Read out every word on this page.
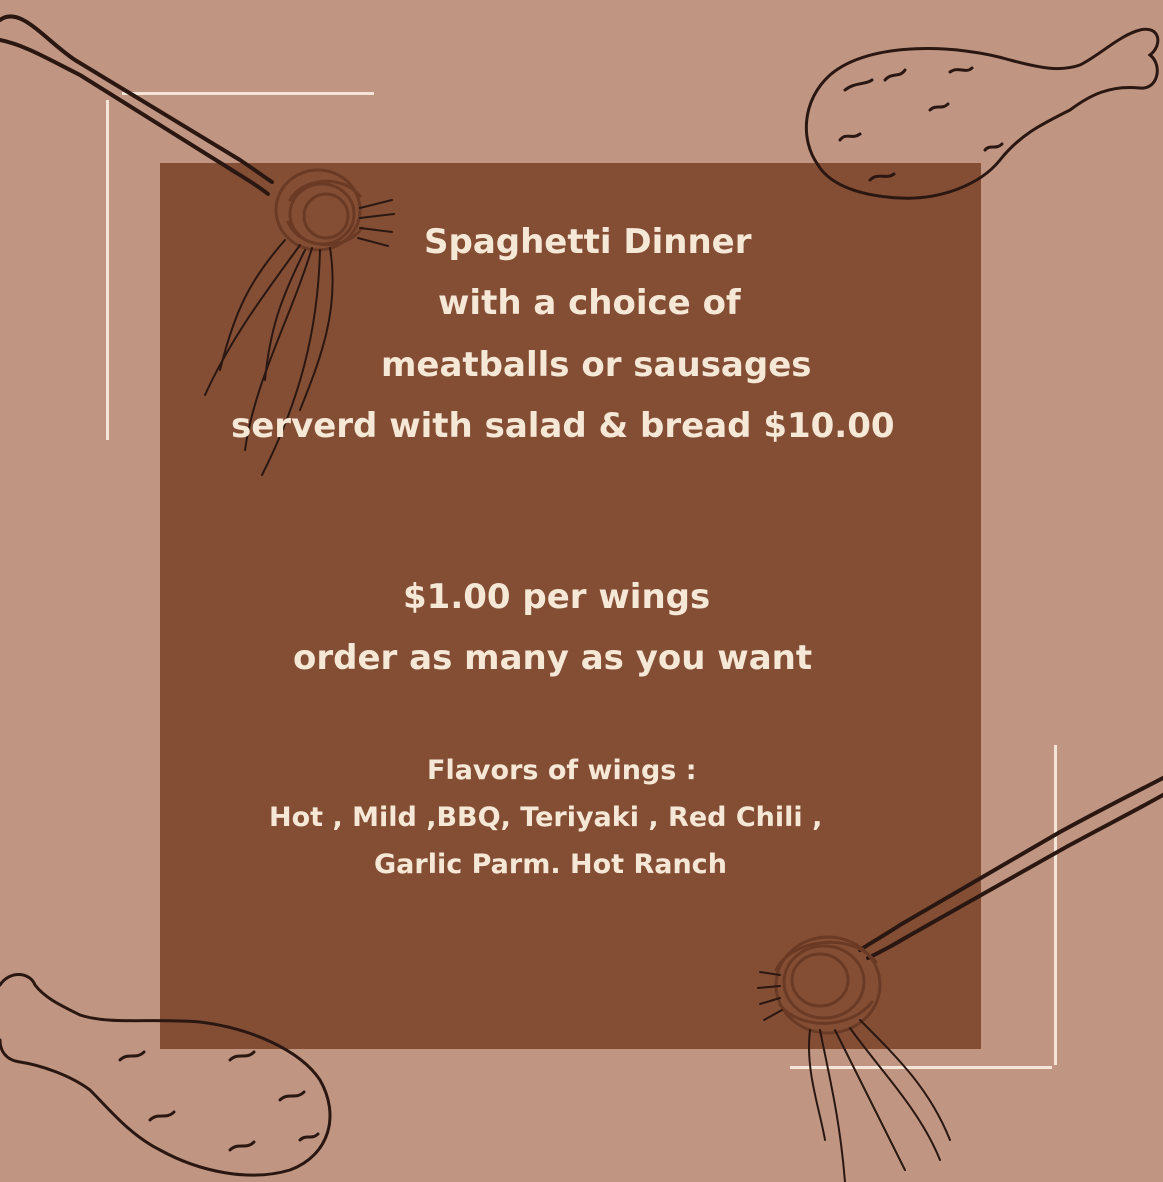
Spaghetti Dinner
with a choice of
meatballs or sausages
serverd with salad & bread $10.00
$1.00 per wings
order as many as you want
Flavors of wings :
Hot , Mild ,BBQ, Teriyaki , Red Chili ,
Garlic Parm. Hot Ranch
